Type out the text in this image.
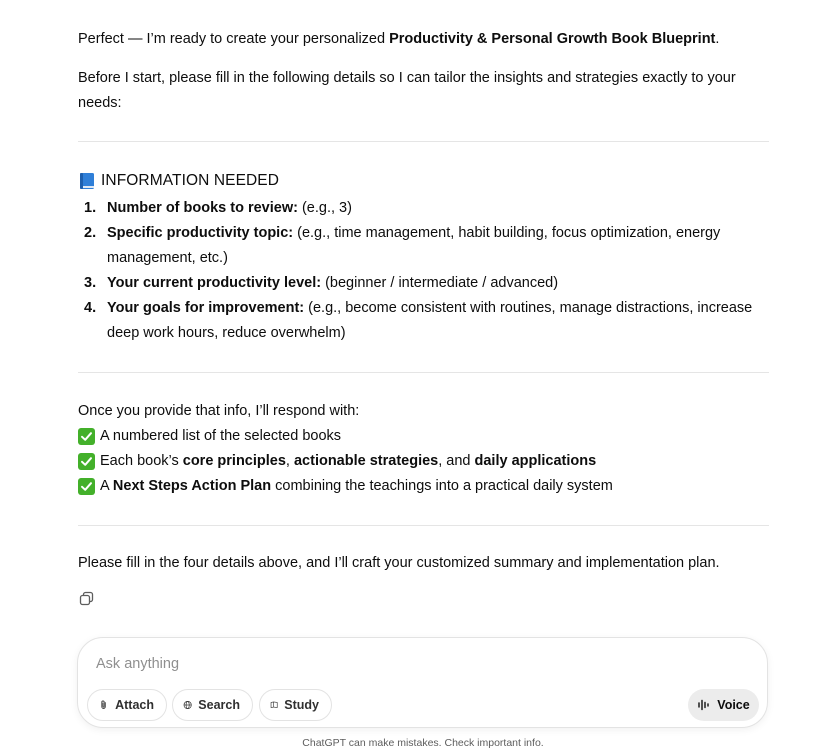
Perfect — I’m ready to create your personalized Productivity & Personal Growth Book Blueprint.

Before I start, please fill in the following details so I can tailor the insights and strategies exactly to your needs:

INFORMATION NEEDED
1. Number of books to review: (e.g., 3)
2. Specific productivity topic: (e.g., time management, habit building, focus optimization, energy management, etc.)
3. Your current productivity level: (beginner / intermediate / advanced)
4. Your goals for improvement: (e.g., become consistent with routines, manage distractions, increase deep work hours, reduce overwhelm)

Once you provide that info, I’ll respond with:

A numbered list of the selected books
Each book’s core principles, actionable strategies, and daily applications
A Next Steps Action Plan combining the teachings into a practical daily system

Please fill in the four details above, and I’ll craft your customized summary and implementation plan.

Ask anything
Attach	Search	Study	Voice
ChatGPT can make mistakes. Check important info.
